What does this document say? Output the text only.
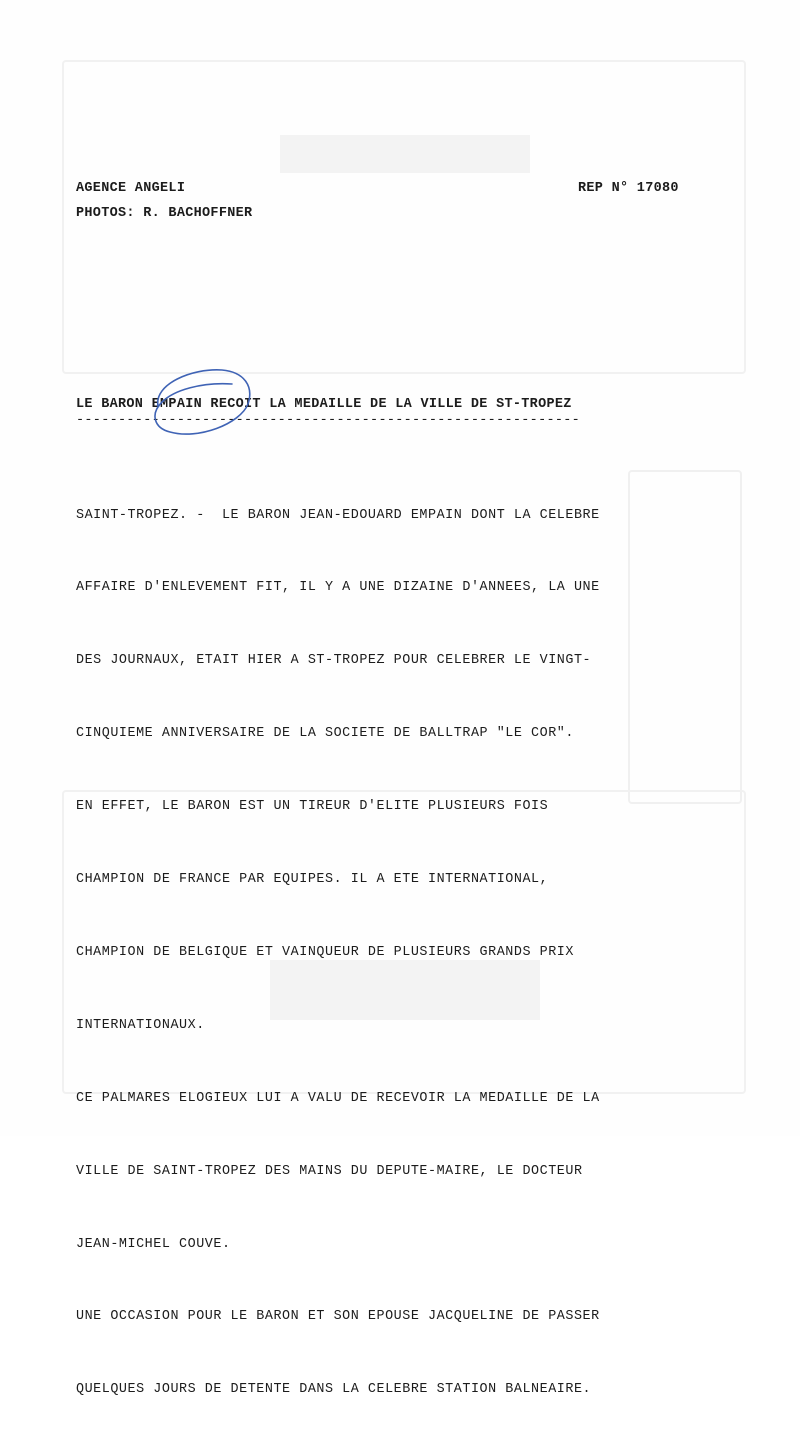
AGENCE ANGELI
PHOTOS: R. BACHOFFNER
REP N° 17080
LE BARON EMPAIN RECOIT LA MEDAILLE DE LA VILLE DE ST-TROPEZ
------------------------------------------------------------

SAINT-TROPEZ. -  LE BARON JEAN-EDOUARD EMPAIN DONT LA CELEBRE

AFFAIRE D'ENLEVEMENT FIT, IL Y A UNE DIZAINE D'ANNEES, LA UNE

DES JOURNAUX, ETAIT HIER A ST-TROPEZ POUR CELEBRER LE VINGT-

CINQUIEME ANNIVERSAIRE DE LA SOCIETE DE BALLTRAP "LE COR".

EN EFFET, LE BARON EST UN TIREUR D'ELITE PLUSIEURS FOIS

CHAMPION DE FRANCE PAR EQUIPES. IL A ETE INTERNATIONAL,

CHAMPION DE BELGIQUE ET VAINQUEUR DE PLUSIEURS GRANDS PRIX

INTERNATIONAUX.

CE PALMARES ELOGIEUX LUI A VALU DE RECEVOIR LA MEDAILLE DE LA

VILLE DE SAINT-TROPEZ DES MAINS DU DEPUTE-MAIRE, LE DOCTEUR

JEAN-MICHEL COUVE.

UNE OCCASION POUR LE BARON ET SON EPOUSE JACQUELINE DE PASSER

QUELQUES JOURS DE DETENTE DANS LA CELEBRE STATION BALNEAIRE.
